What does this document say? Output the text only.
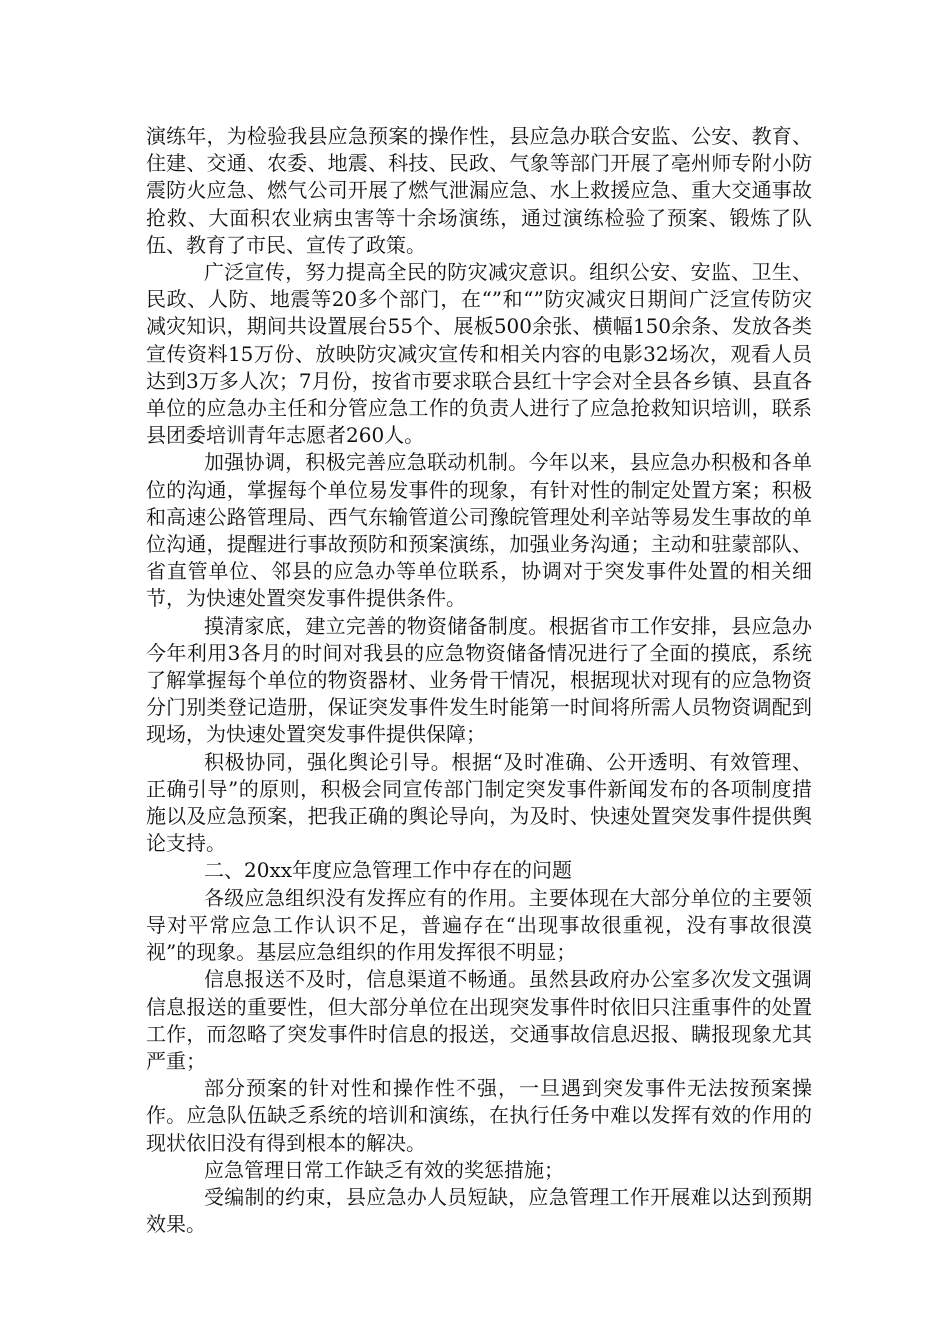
演练年，为检验我县应急预案的操作性，县应急办联合安监、公安、教育、住建、交通、农委、地震、科技、民政、气象等部门开展了亳州师专附小防震防火应急、燃气公司开展了燃气泄漏应急、水上救援应急、重大交通事故抢救、大面积农业病虫害等十余场演练，通过演练检验了预案、锻炼了队伍、教育了市民、宣传了政策。

广泛宣传，努力提高全民的防灾减灾意识。组织公安、安监、卫生、民政、人防、地震等20多个部门，在“”和“”防灾减灾日期间广泛宣传防灾减灾知识，期间共设置展台55个、展板500余张、横幅150余条、发放各类宣传资料15万份、放映防灾减灾宣传和相关内容的电影32场次，观看人员达到3万多人次；7月份，按省市要求联合县红十字会对全县各乡镇、县直各单位的应急办主任和分管应急工作的负责人进行了应急抢救知识培训，联系县团委培训青年志愿者260人。

加强协调，积极完善应急联动机制。今年以来，县应急办积极和各单位的沟通，掌握每个单位易发事件的现象，有针对性的制定处置方案；积极和高速公路管理局、西气东输管道公司豫皖管理处利辛站等易发生事故的单位沟通，提醒进行事故预防和预案演练，加强业务沟通；主动和驻蒙部队、省直管单位、邻县的应急办等单位联系，协调对于突发事件处置的相关细节，为快速处置突发事件提供条件。

摸清家底，建立完善的物资储备制度。根据省市工作安排，县应急办今年利用3各月的时间对我县的应急物资储备情况进行了全面的摸底，系统了解掌握每个单位的物资器材、业务骨干情况，根据现状对现有的应急物资分门别类登记造册，保证突发事件发生时能第一时间将所需人员物资调配到现场，为快速处置突发事件提供保障；

积极协同，强化舆论引导。根据“及时准确、公开透明、有效管理、正确引导”的原则，积极会同宣传部门制定突发事件新闻发布的各项制度措施以及应急预案，把我正确的舆论导向，为及时、快速处置突发事件提供舆论支持。

二、20xx年度应急管理工作中存在的问题

各级应急组织没有发挥应有的作用。主要体现在大部分单位的主要领导对平常应急工作认识不足，普遍存在“出现事故很重视，没有事故很漠视”的现象。基层应急组织的作用发挥很不明显；

信息报送不及时，信息渠道不畅通。虽然县政府办公室多次发文强调信息报送的重要性，但大部分单位在出现突发事件时依旧只注重事件的处置工作，而忽略了突发事件时信息的报送，交通事故信息迟报、瞒报现象尤其严重；

部分预案的针对性和操作性不强，一旦遇到突发事件无法按预案操作。应急队伍缺乏系统的培训和演练，在执行任务中难以发挥有效的作用的现状依旧没有得到根本的解决。

应急管理日常工作缺乏有效的奖惩措施；

受编制的约束，县应急办人员短缺，应急管理工作开展难以达到预期效果。
